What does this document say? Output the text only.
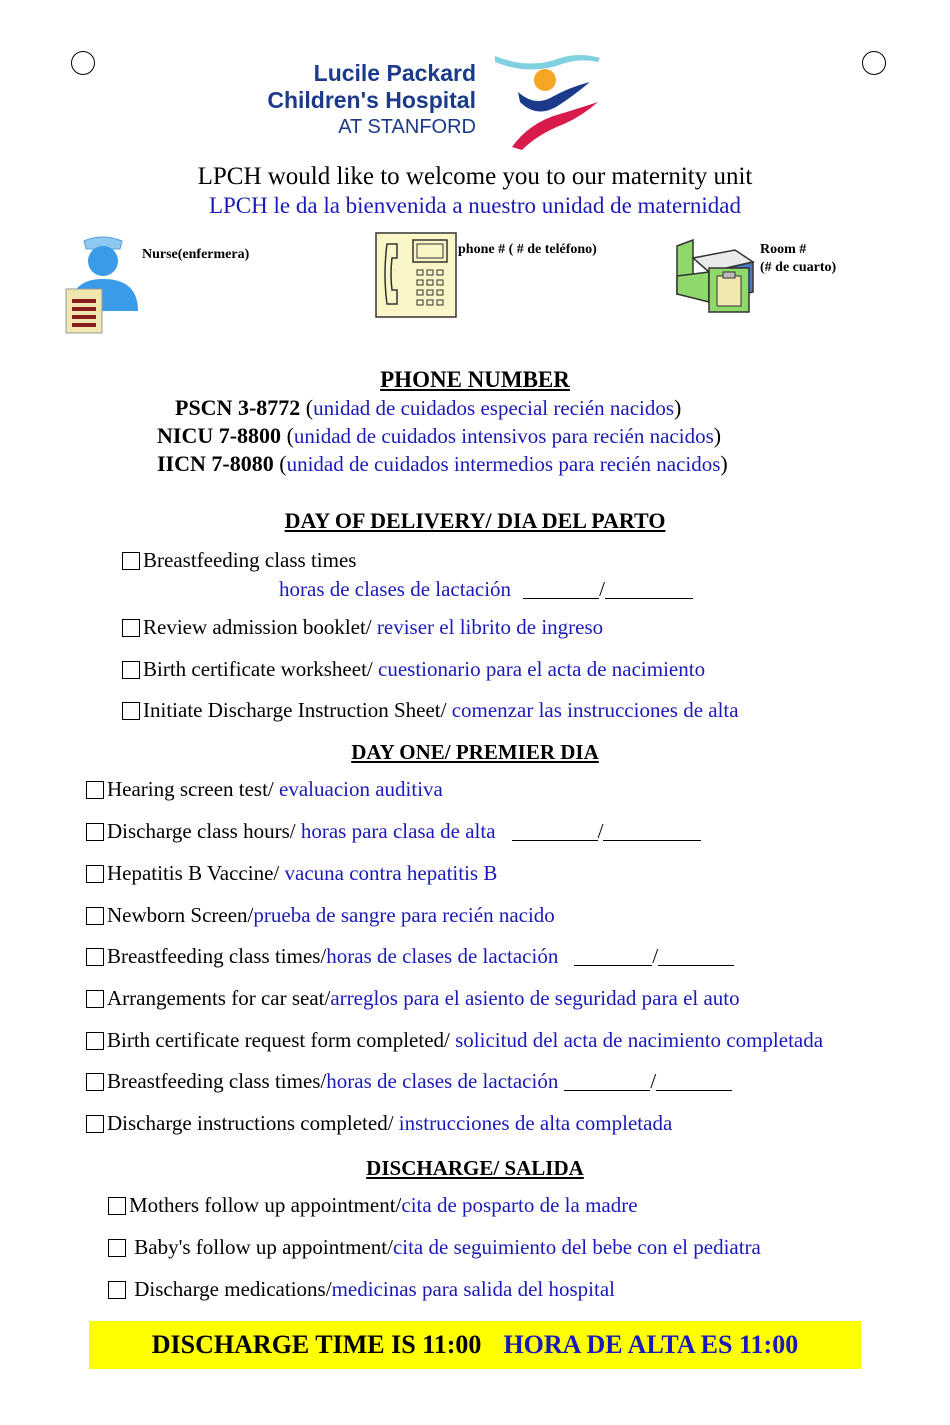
Lucile Packard
Children's Hospital
AT STANFORD
LPCH would like to welcome you to our maternity unit
LPCH le da la bienvenida a nuestro unidad de maternidad
Nurse(enfermera)	phone # ( # de teléfono)	Room #
(# de cuarto)
PHONE NUMBER
PSCN 3-8772 (unidad de cuidados especial recién nacidos)
NICU 7-8800 (unidad de cuidados intensivos para recién nacidos)
IICN 7-8080 (unidad de cuidados intermedios para recién nacidos)
DAY OF DELIVERY/ DIA DEL PARTO
Breastfeeding class times
horas de clases de lactación	/
Review admission booklet/ reviser el librito de ingreso
Birth certificate worksheet/ cuestionario para el acta de nacimiento
Initiate Discharge Instruction Sheet/ comenzar las instrucciones de alta
DAY ONE/ PREMIER DIA
Hearing screen test/ evaluacion auditiva
Discharge class hours/ horas para clasa de alta	/
Hepatitis B Vaccine/ vacuna contra hepatitis B
Newborn Screen/ prueba de sangre para recién nacido
Breastfeeding class times/ horas de clases de lactación	/
Arrangements for car seat/ arreglos para el asiento de seguridad para el auto
Birth certificate request form completed/ solicitud del acta de nacimiento completada
Breastfeeding class times/ horas de clases de lactación	/
Discharge instructions completed/ instrucciones de alta completada
DISCHARGE/ SALIDA
Mothers follow up appointment/ cita de posparto de la madre
Baby's follow up appointment/ cita de seguimiento del bebe con el pediatra
Discharge medications/ medicinas para salida del hospital
DISCHARGE TIME IS 11:00 HORA DE ALTA ES 11:00
